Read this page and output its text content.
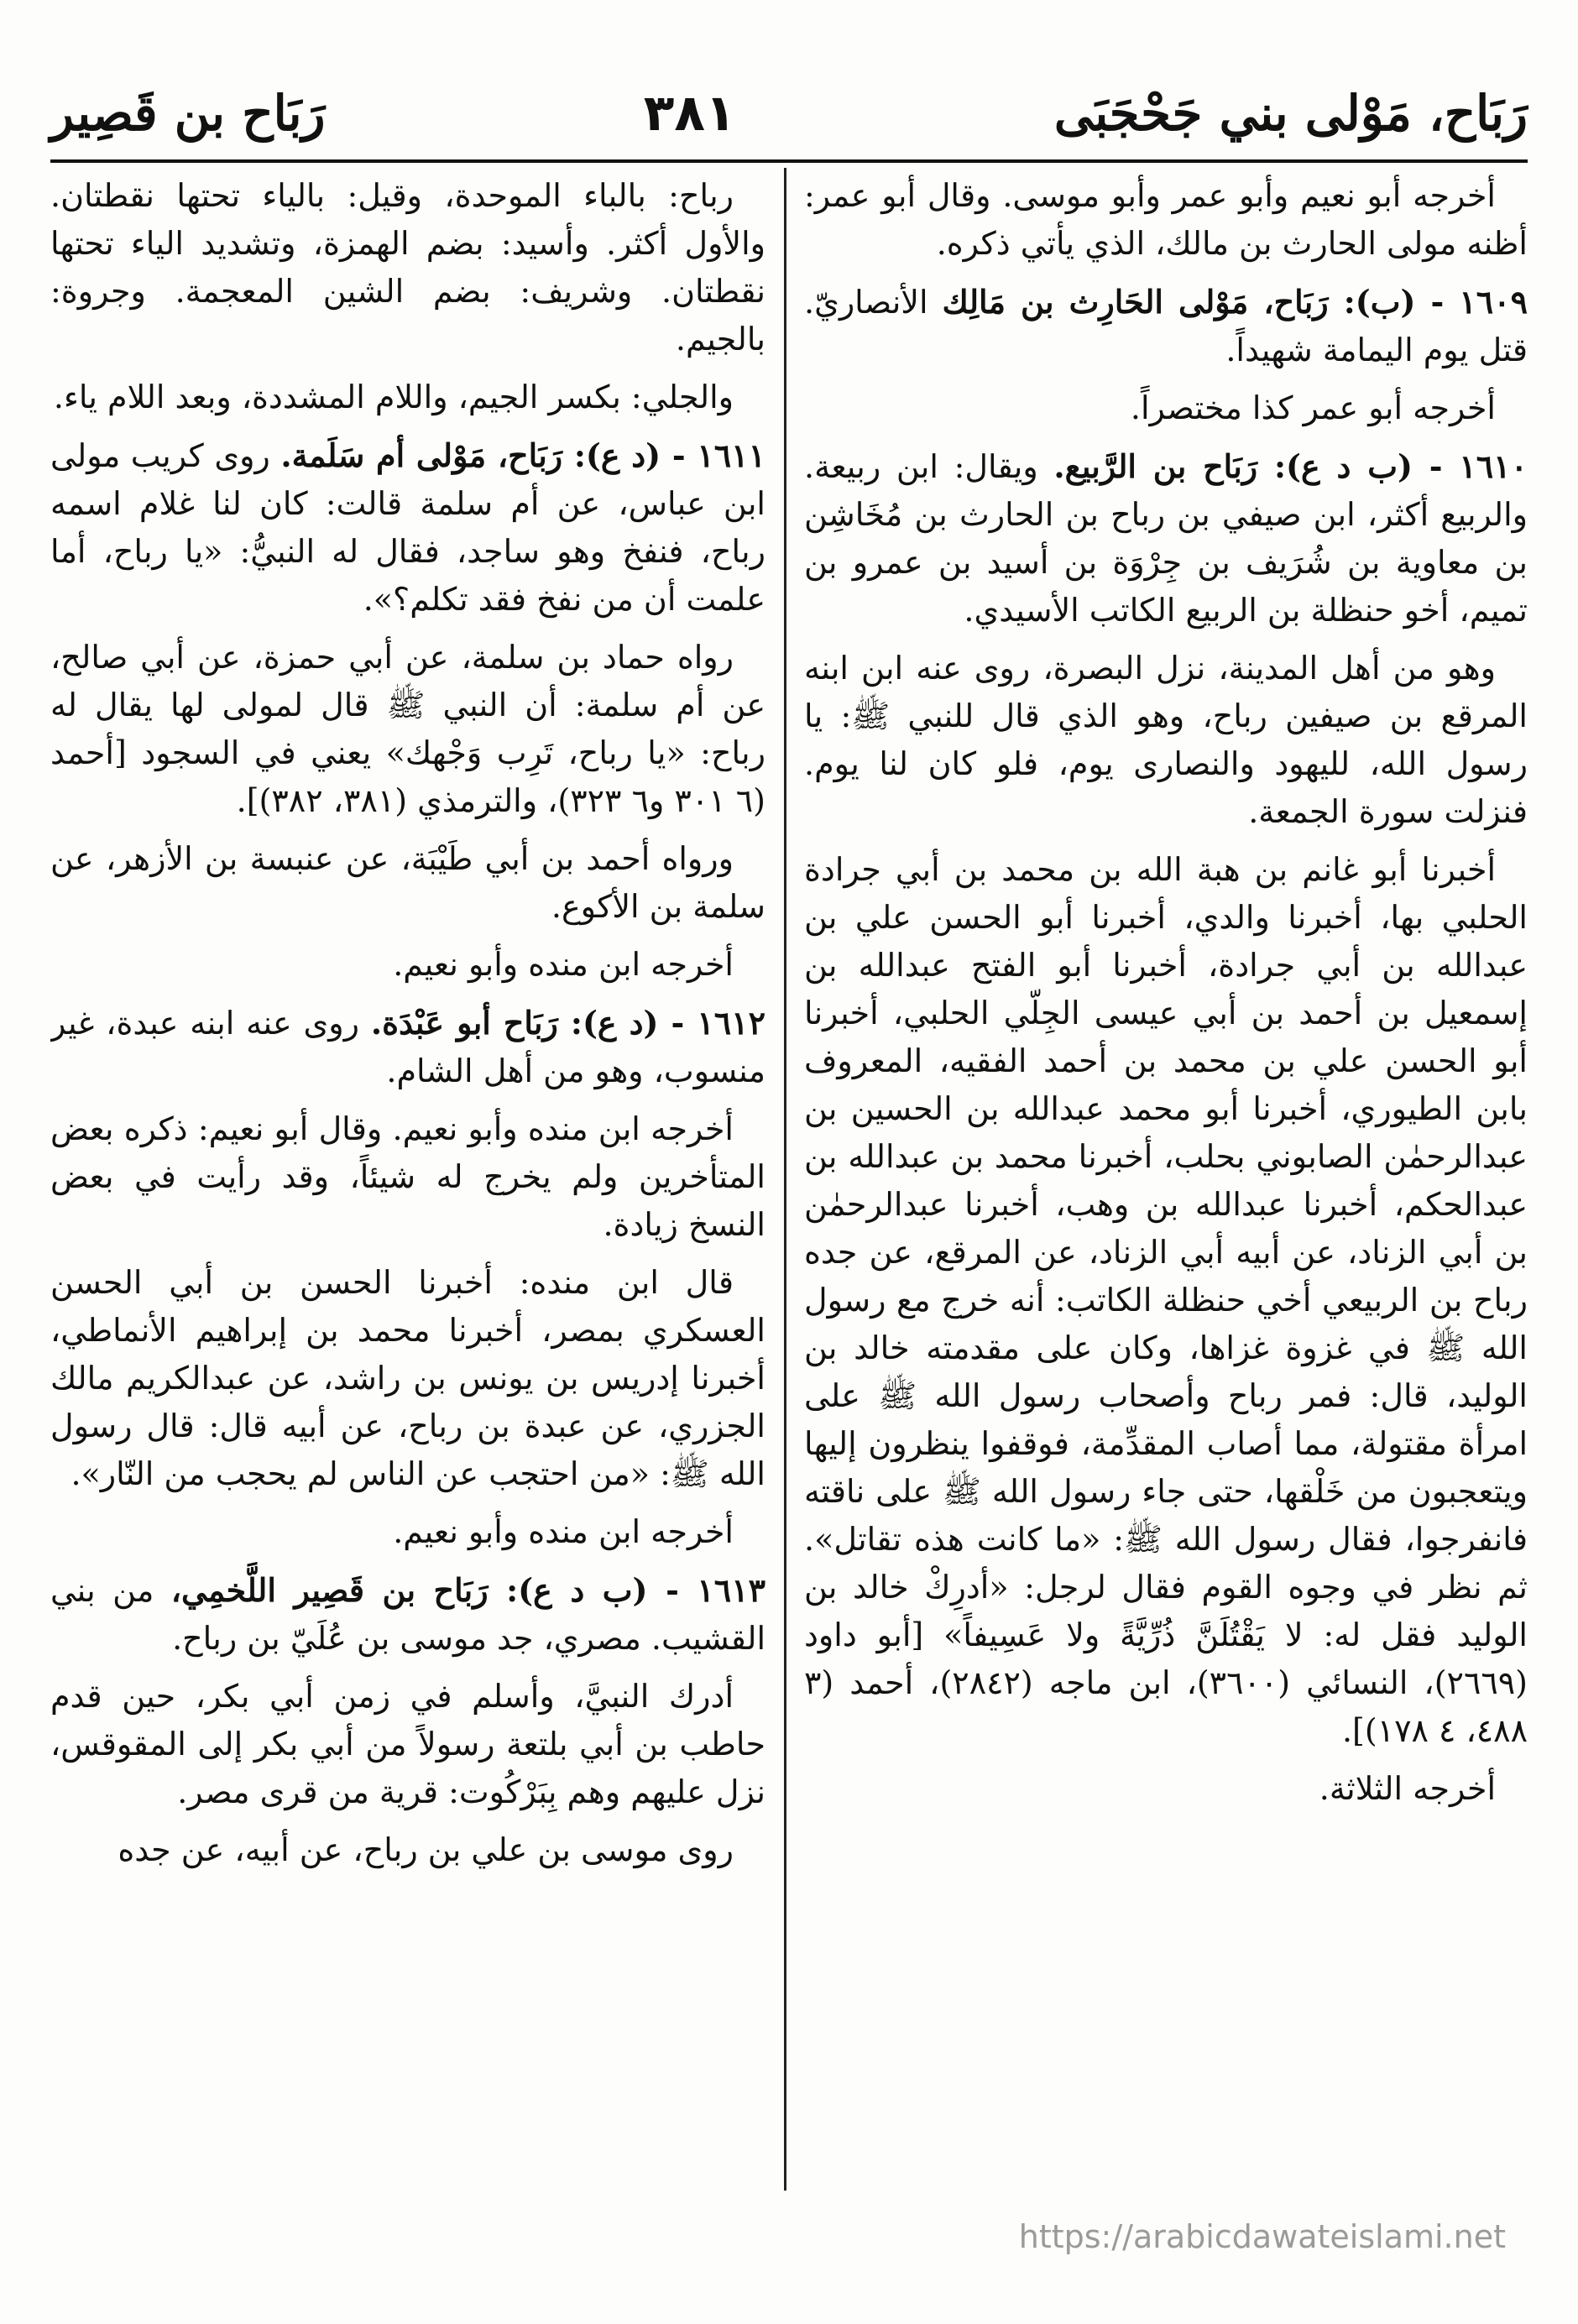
رَبَاح، مَوْلى بني جَحْجَبَى
٣٨١
رَبَاح بن قَصِير

أخرجه أبو نعيم وأبو عمر وأبو موسى. وقال أبو عمر: أظنه مولى الحارث بن مالك، الذي يأتي ذكره.

١٦٠٩ - (ب): رَبَاح، مَوْلى الحَارِث بن مَالِك الأنصاريّ. قتل يوم اليمامة شهيداً.

أخرجه أبو عمر كذا مختصراً.

١٦١٠ - (ب د ع): رَبَاح بن الرَّبيع. ويقال: ابن ربيعة. والربيع أكثر، ابن صيفي بن رباح بن الحارث بن مُخَاشِن بن معاوية بن شُرَيف بن جِرْوَة بن أسيد بن عمرو بن تميم، أخو حنظلة بن الربيع الكاتب الأسيدي.

وهو من أهل المدينة، نزل البصرة، روى عنه ابن ابنه المرقع بن صيفين رباح، وهو الذي قال للنبي ﷺ: يا رسول الله، لليهود والنصارى يوم، فلو كان لنا يوم. فنزلت سورة الجمعة.

أخبرنا أبو غانم بن هبة الله بن محمد بن أبي جرادة الحلبي بها، أخبرنا والدي، أخبرنا أبو الحسن علي بن عبدالله بن أبي جرادة، أخبرنا أبو الفتح عبدالله بن إسمعيل بن أحمد بن أبي عيسى الجِلّي الحلبي، أخبرنا أبو الحسن علي بن محمد بن أحمد الفقيه، المعروف بابن الطيوري، أخبرنا أبو محمد عبدالله بن الحسين بن عبدالرحمٰن الصابوني بحلب، أخبرنا محمد بن عبدالله بن عبدالحكم، أخبرنا عبدالله بن وهب، أخبرنا عبدالرحمٰن بن أبي الزناد، عن أبيه أبي الزناد، عن المرقع، عن جده رباح بن الربيعي أخي حنظلة الكاتب: أنه خرج مع رسول الله ﷺ في غزوة غزاها، وكان على مقدمته خالد بن الوليد، قال: فمر رباح وأصحاب رسول الله ﷺ على امرأة مقتولة، مما أصاب المقدِّمة، فوقفوا ينظرون إليها ويتعجبون من خَلْقها، حتى جاء رسول الله ﷺ على ناقته فانفرجوا، فقال رسول الله ﷺ: «ما كانت هذه تقاتل». ثم نظر في وجوه القوم فقال لرجل: «أدرِكْ خالد بن الوليد فقل له: لا يَقْتُلَنَّ ذُرِّيَّةً ولا عَسِيفاً» [أبو داود (٢٦٦٩)، النسائي (٣٦٠٠)، ابن ماجه (٢٨٤٢)، أحمد (٣ ٤٨٨، ٤ ١٧٨)].

أخرجه الثلاثة.

رباح: بالباء الموحدة، وقيل: بالياء تحتها نقطتان. والأول أكثر. وأسيد: بضم الهمزة، وتشديد الياء تحتها نقطتان. وشريف: بضم الشين المعجمة. وجروة: بالجيم.

والجلي: بكسر الجيم، واللام المشددة، وبعد اللام ياء.

١٦١١ - (د ع): رَبَاح، مَوْلى أم سَلَمة. روى كريب مولى ابن عباس، عن أم سلمة قالت: كان لنا غلام اسمه رباح، فنفخ وهو ساجد، فقال له النبيُّ: «يا رباح، أما علمت أن من نفخ فقد تكلم؟».

رواه حماد بن سلمة، عن أبي حمزة، عن أبي صالح، عن أم سلمة: أن النبي ﷺ قال لمولى لها يقال له رباح: «يا رباح، تَرِب وَجْهك» يعني في السجود [أحمد (٦ ٣٠١ و٦ ٣٢٣)، والترمذي (٣٨١، ٣٨٢)].

ورواه أحمد بن أبي طَيْبَة، عن عنبسة بن الأزهر، عن سلمة بن الأكوع.

أخرجه ابن منده وأبو نعيم.

١٦١٢ - (د ع): رَبَاح أبو عَبْدَة. روى عنه ابنه عبدة، غير منسوب، وهو من أهل الشام.

أخرجه ابن منده وأبو نعيم. وقال أبو نعيم: ذكره بعض المتأخرين ولم يخرج له شيئاً، وقد رأيت في بعض النسخ زيادة.

قال ابن منده: أخبرنا الحسن بن أبي الحسن العسكري بمصر، أخبرنا محمد بن إبراهيم الأنماطي، أخبرنا إدريس بن يونس بن راشد، عن عبدالكريم مالك الجزري، عن عبدة بن رباح، عن أبيه قال: قال رسول الله ﷺ: «من احتجب عن الناس لم يحجب من النّار».

أخرجه ابن منده وأبو نعيم.

١٦١٣ - (ب د ع): رَبَاح بن قَصِير اللَّخمِي، من بني القشيب. مصري، جد موسى بن عُلَيّ بن رباح.

أدرك النبيَّ، وأسلم في زمن أبي بكر، حين قدم حاطب بن أبي بلتعة رسولاً من أبي بكر إلى المقوقس، نزل عليهم وهم بِبَرْكُوت: قرية من قرى مصر.

روى موسى بن علي بن رباح، عن أبيه، عن جده

https://arabicdawateislami.net
